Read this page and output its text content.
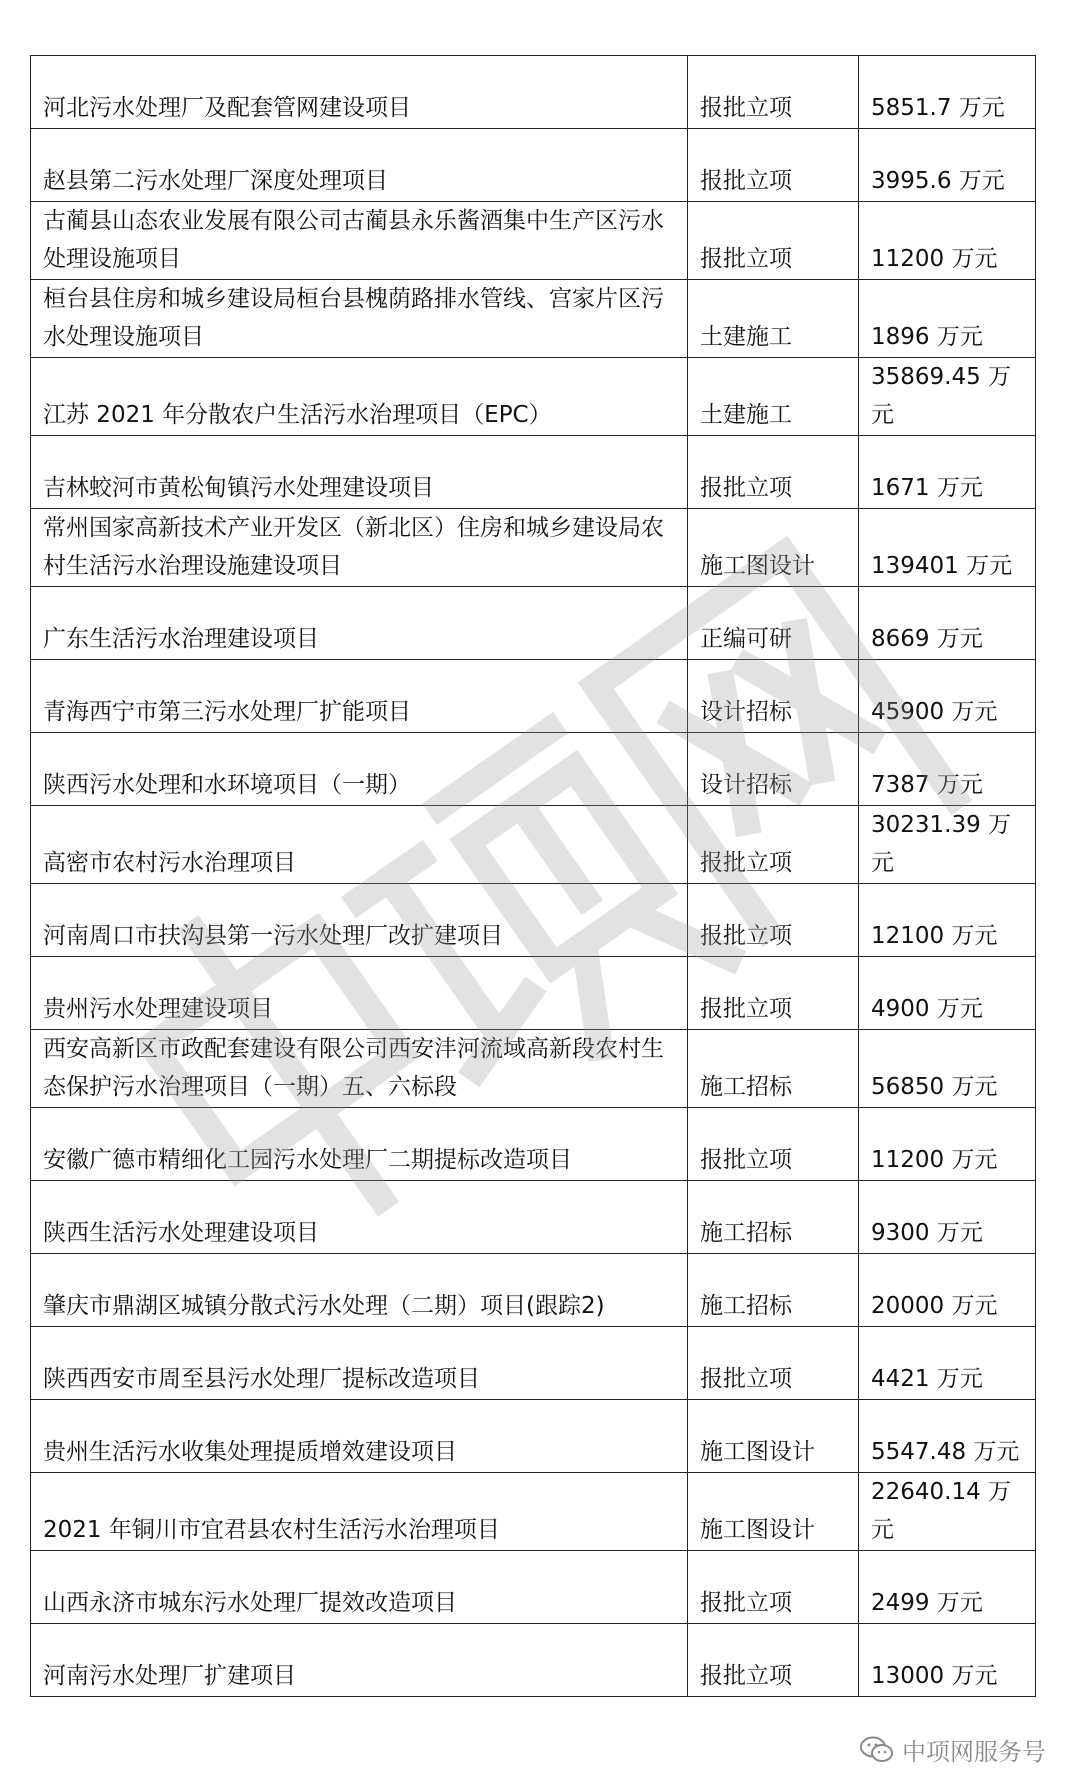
河北污水处理厂及配套管网建设项目	报批立项	5851.7 万元
赵县第二污水处理厂深度处理项目	报批立项	3995.6 万元
古蔺县山态农业发展有限公司古蔺县永乐酱酒集中生产区污水处理设施项目	报批立项	11200 万元
桓台县住房和城乡建设局桓台县槐荫路排水管线、宫家片区污水处理设施项目	土建施工	1896 万元
江苏 2021 年分散农户生活污水治理项目（EPC）	土建施工	35869.45 万元
吉林蛟河市黄松甸镇污水处理建设项目	报批立项	1671 万元
常州国家高新技术产业开发区（新北区）住房和城乡建设局农村生活污水治理设施建设项目	施工图设计	139401 万元
广东生活污水治理建设项目	正编可研	8669 万元
青海西宁市第三污水处理厂扩能项目	设计招标	45900 万元
陕西污水处理和水环境项目（一期）	设计招标	7387 万元
高密市农村污水治理项目	报批立项	30231.39 万元
河南周口市扶沟县第一污水处理厂改扩建项目	报批立项	12100 万元
贵州污水处理建设项目	报批立项	4900 万元
西安高新区市政配套建设有限公司西安沣河流域高新段农村生态保护污水治理项目（一期）五、六标段	施工招标	56850 万元
安徽广德市精细化工园污水处理厂二期提标改造项目	报批立项	11200 万元
陕西生活污水处理建设项目	施工招标	9300 万元
肇庆市鼎湖区城镇分散式污水处理（二期）项目(跟踪2)	施工招标	20000 万元
陕西西安市周至县污水处理厂提标改造项目	报批立项	4421 万元
贵州生活污水收集处理提质增效建设项目	施工图设计	5547.48 万元
2021 年铜川市宜君县农村生活污水治理项目	施工图设计	22640.14 万元
山西永济市城东污水处理厂提效改造项目	报批立项	2499 万元
河南污水处理厂扩建项目	报批立项	13000 万元
中项网服务号
